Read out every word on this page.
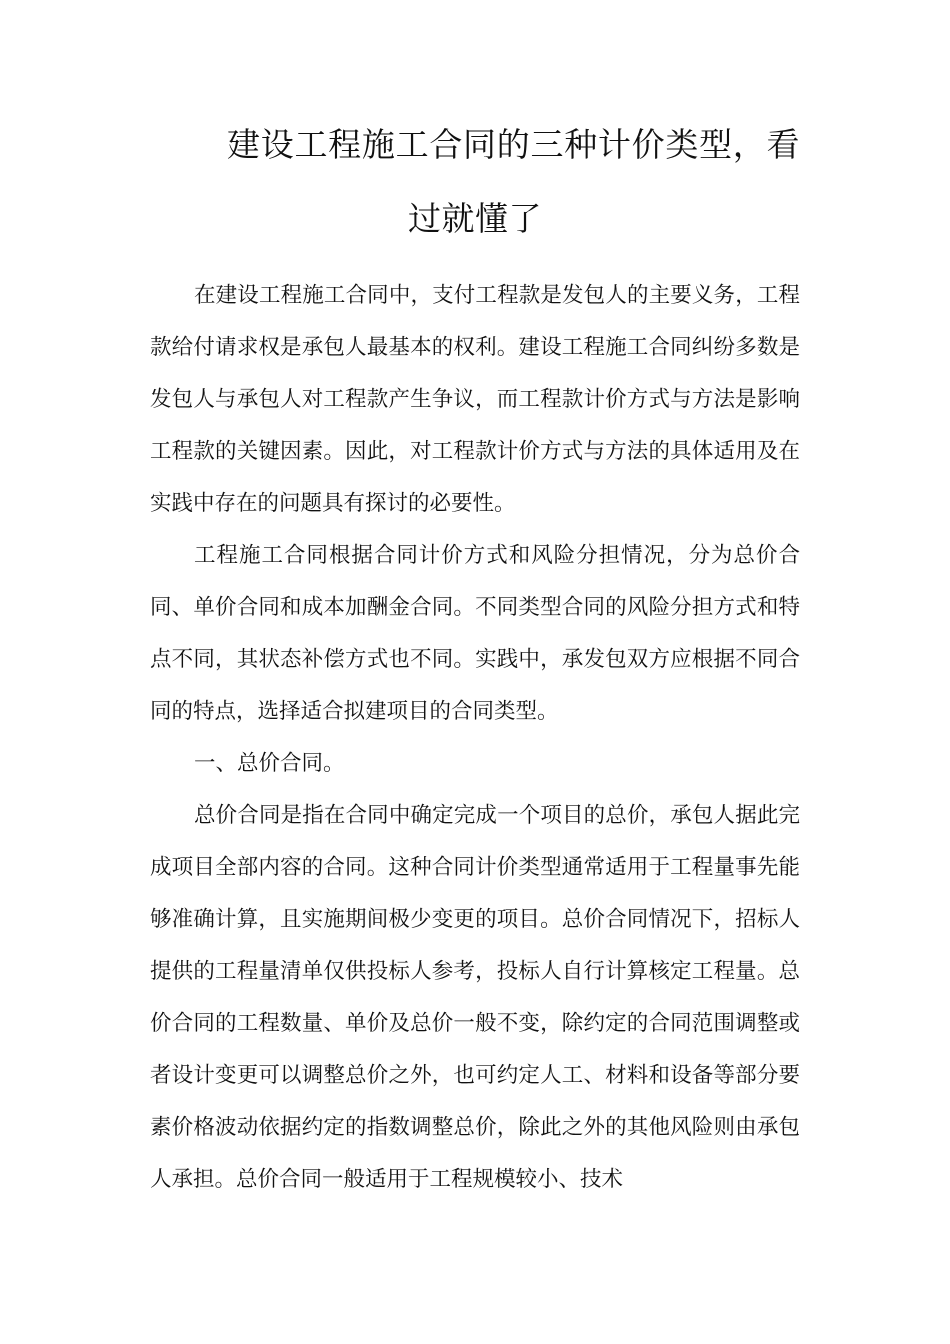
建设工程施工合同的三种计价类型，看过就懂了

在建设工程施工合同中，支付工程款是发包人的主要义务，工程款给付请求权是承包人最基本的权利。建设工程施工合同纠纷多数是发包人与承包人对工程款产生争议，而工程款计价方式与方法是影响工程款的关键因素。因此，对工程款计价方式与方法的具体适用及在实践中存在的问题具有探讨的必要性。

工程施工合同根据合同计价方式和风险分担情况，分为总价合同、单价合同和成本加酬金合同。不同类型合同的风险分担方式和特点不同，其状态补偿方式也不同。实践中，承发包双方应根据不同合同的特点，选择适合拟建项目的合同类型。

一、总价合同。

总价合同是指在合同中确定完成一个项目的总价，承包人据此完成项目全部内容的合同。这种合同计价类型通常适用于工程量事先能够准确计算，且实施期间极少变更的项目。总价合同情况下，招标人提供的工程量清单仅供投标人参考，投标人自行计算核定工程量。总价合同的工程数量、单价及总价一般不变，除约定的合同范围调整或者设计变更可以调整总价之外，也可约定人工、材料和设备等部分要素价格波动依据约定的指数调整总价，除此之外的其他风险则由承包人承担。总价合同一般适用于工程规模较小、技术
